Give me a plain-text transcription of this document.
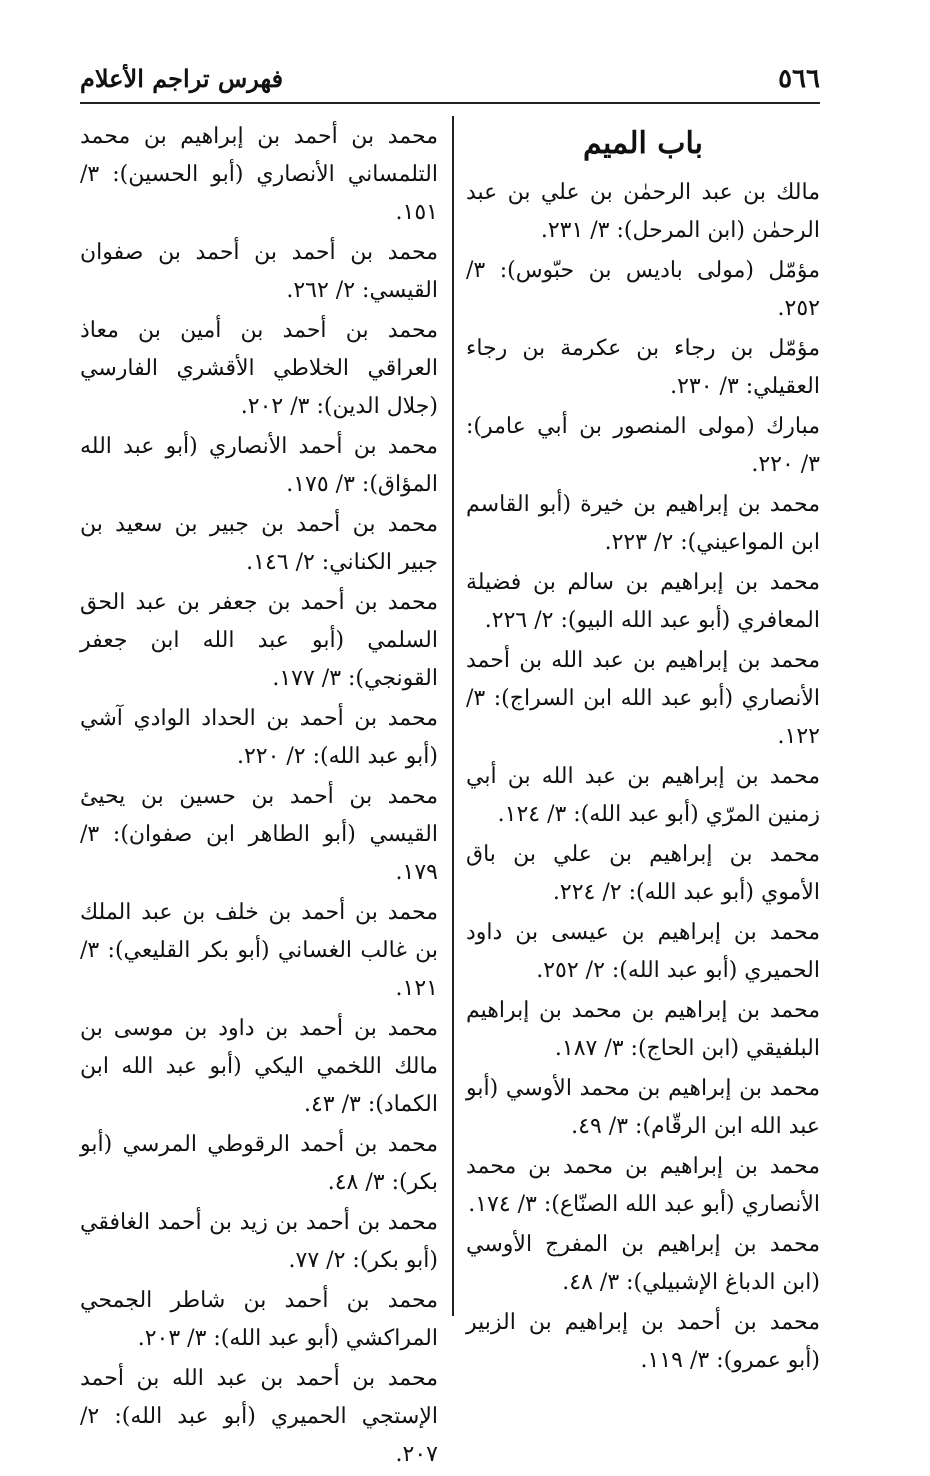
٥٦٦
فهرس تراجم الأعلام
باب الميم
مالك بن عبد الرحمٰن بن علي بن عبد الرحمٰن (ابن المرحل): ٣/ ٢٣١.
مؤمّل (مولى باديس بن حبّوس): ٣/ ٢٥٢.
مؤمّل بن رجاء بن عكرمة بن رجاء العقيلي: ٣/ ٢٣٠.
مبارك (مولى المنصور بن أبي عامر): ٣/ ٢٢٠.
محمد بن إبراهيم بن خيرة (أبو القاسم ابن المواعيني): ٢/ ٢٢٣.
محمد بن إبراهيم بن سالم بن فضيلة المعافري (أبو عبد الله البيو): ٢/ ٢٢٦.
محمد بن إبراهيم بن عبد الله بن أحمد الأنصاري (أبو عبد الله ابن السراج): ٣/ ١٢٢.
محمد بن إبراهيم بن عبد الله بن أبي زمنين المرّي (أبو عبد الله): ٣/ ١٢٤.
محمد بن إبراهيم بن علي بن باق الأموي (أبو عبد الله): ٢/ ٢٢٤.
محمد بن إبراهيم بن عيسى بن داود الحميري (أبو عبد الله): ٢/ ٢٥٢.
محمد بن إبراهيم بن محمد بن إبراهيم البلفيقي (ابن الحاج): ٣/ ١٨٧.
محمد بن إبراهيم بن محمد الأوسي (أبو عبد الله ابن الرقّام): ٣/ ٤٩.
محمد بن إبراهيم بن محمد بن محمد الأنصاري (أبو عبد الله الصنّاع): ٣/ ١٧٤.
محمد بن إبراهيم بن المفرج الأوسي (ابن الدباغ الإشبيلي): ٣/ ٤٨.
محمد بن أحمد بن إبراهيم بن الزبير (أبو عمرو): ٣/ ١١٩.
محمد بن أحمد بن إبراهيم بن محمد التلمساني الأنصاري (أبو الحسين): ٣/ ١٥١.
محمد بن أحمد بن أحمد بن صفوان القيسي: ٢/ ٢٦٢.
محمد بن أحمد بن أمين بن معاذ العراقي الخلاطي الأقشري الفارسي (جلال الدين): ٣/ ٢٠٢.
محمد بن أحمد الأنصاري (أبو عبد الله المؤاق): ٣/ ١٧٥.
محمد بن أحمد بن جبير بن سعيد بن جبير الكناني: ٢/ ١٤٦.
محمد بن أحمد بن جعفر بن عبد الحق السلمي (أبو عبد الله ابن جعفر القونجي): ٣/ ١٧٧.
محمد بن أحمد بن الحداد الوادي آشي (أبو عبد الله): ٢/ ٢٢٠.
محمد بن أحمد بن حسين بن يحيئ القيسي (أبو الطاهر ابن صفوان): ٣/ ١٧٩.
محمد بن أحمد بن خلف بن عبد الملك بن غالب الغساني (أبو بكر القليعي): ٣/ ١٢١.
محمد بن أحمد بن داود بن موسى بن مالك اللخمي اليكي (أبو عبد الله ابن الكماد): ٣/ ٤٣.
محمد بن أحمد الرقوطي المرسي (أبو بكر): ٣/ ٤٨.
محمد بن أحمد بن زيد بن أحمد الغافقي (أبو بكر): ٢/ ٧٧.
محمد بن أحمد بن شاطر الجمحي المراكشي (أبو عبد الله): ٣/ ٢٠٣.
محمد بن أحمد بن عبد الله بن أحمد الإستجي الحميري (أبو عبد الله): ٢/ ٢٠٧.
